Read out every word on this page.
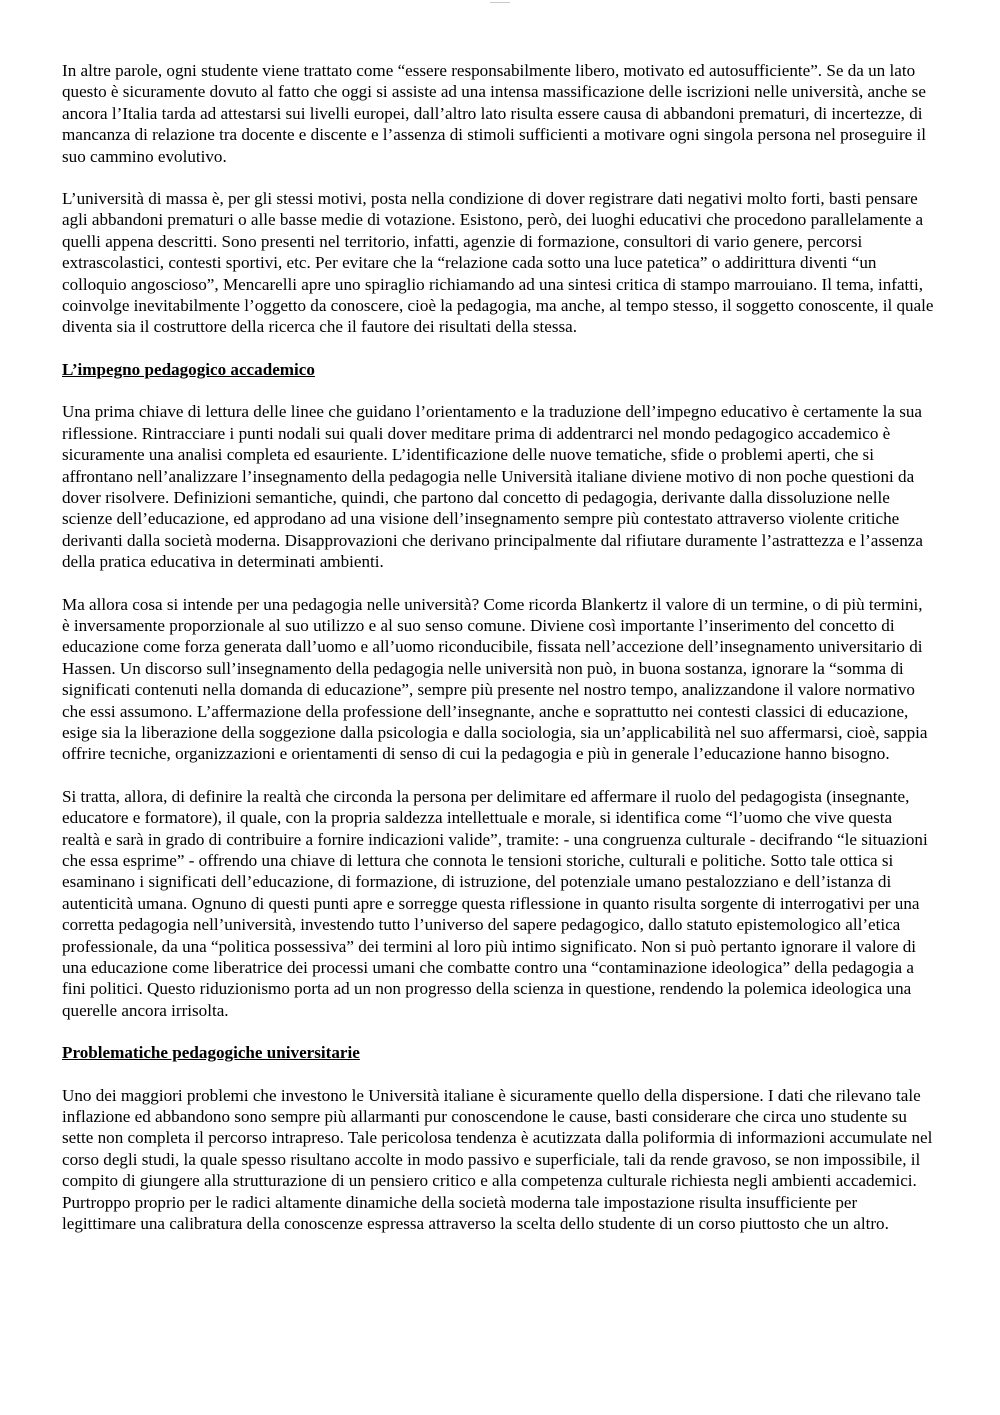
In altre parole, ogni studente viene trattato come “essere responsabilmente libero, motivato ed autosufficiente”. Se da un lato questo è sicuramente dovuto al fatto che oggi si assiste ad una intensa massificazione delle iscrizioni nelle università, anche se ancora l’Italia tarda ad attestarsi sui livelli europei, dall’altro lato risulta essere causa di abbandoni prematuri, di incertezze, di mancanza di relazione tra docente e discente e l’assenza di stimoli sufficienti a motivare ogni singola persona nel proseguire il suo cammino evolutivo.

L’università di massa è, per gli stessi motivi, posta nella condizione di dover registrare dati negativi molto forti, basti pensare agli abbandoni prematuri o alle basse medie di votazione. Esistono, però, dei luoghi educativi che procedono parallelamente a quelli appena descritti. Sono presenti nel territorio, infatti, agenzie di formazione, consultori di vario genere, percorsi extrascolastici, contesti sportivi, etc. Per evitare che la “relazione cada sotto una luce patetica” o addirittura diventi “un colloquio angoscioso”, Mencarelli apre uno spiraglio richiamando ad una sintesi critica di stampo marrouiano. Il tema, infatti, coinvolge inevitabilmente l’oggetto da conoscere, cioè la pedagogia, ma anche, al tempo stesso, il soggetto conoscente, il quale diventa sia il costruttore della ricerca che il fautore dei risultati della stessa.

L’impegno pedagogico accademico

Una prima chiave di lettura delle linee che guidano l’orientamento e la traduzione dell’impegno educativo è certamente la sua riflessione. Rintracciare i punti nodali sui quali dover meditare prima di addentrarci nel mondo pedagogico accademico è sicuramente una analisi completa ed esauriente. L’identificazione delle nuove tematiche, sfide o problemi aperti, che si affrontano nell’analizzare l’insegnamento della pedagogia nelle Università italiane diviene motivo di non poche questioni da dover risolvere. Definizioni semantiche, quindi, che partono dal concetto di pedagogia, derivante dalla dissoluzione nelle scienze dell’educazione, ed approdano ad una visione dell’insegnamento sempre più contestato attraverso violente critiche derivanti dalla società moderna. Disapprovazioni che derivano principalmente dal rifiutare duramente l’astrattezza e l’assenza della pratica educativa in determinati ambienti.

Ma allora cosa si intende per una pedagogia nelle università? Come ricorda Blankertz il valore di un termine, o di più termini, è inversamente proporzionale al suo utilizzo e al suo senso comune. Diviene così importante l’inserimento del concetto di educazione come forza generata dall’uomo e all’uomo riconducibile, fissata nell’accezione dell’insegnamento universitario di Hassen. Un discorso sull’insegnamento della pedagogia nelle università non può, in buona sostanza, ignorare la “somma di significati contenuti nella domanda di educazione”, sempre più presente nel nostro tempo, analizzandone il valore normativo che essi assumono. L’affermazione della professione dell’insegnante, anche e soprattutto nei contesti classici di educazione, esige sia la liberazione della soggezione dalla psicologia e dalla sociologia, sia un’applicabilità nel suo affermarsi, cioè, sappia offrire tecniche, organizzazioni e orientamenti di senso di cui la pedagogia e più in generale l’educazione hanno bisogno.

Si tratta, allora, di definire la realtà che circonda la persona per delimitare ed affermare il ruolo del pedagogista (insegnante, educatore e formatore), il quale, con la propria saldezza intellettuale e morale, si identifica come “l’uomo che vive questa realtà e sarà in grado di contribuire a fornire indicazioni valide”, tramite: - una congruenza culturale - decifrando “le situazioni che essa esprime” - offrendo una chiave di lettura che connota le tensioni storiche, culturali e politiche. Sotto tale ottica si esaminano i significati dell’educazione, di formazione, di istruzione, del potenziale umano pestalozziano e dell’istanza di autenticità umana. Ognuno di questi punti apre e sorregge questa riflessione in quanto risulta sorgente di interrogativi per una corretta pedagogia nell’università, investendo tutto l’universo del sapere pedagogico, dallo statuto epistemologico all’etica professionale, da una “politica possessiva” dei termini al loro più intimo significato. Non si può pertanto ignorare il valore di una educazione come liberatrice dei processi umani che combatte contro una “contaminazione ideologica” della pedagogia a fini politici. Questo riduzionismo porta ad un non progresso della scienza in questione, rendendo la polemica ideologica una querelle ancora irrisolta.

Problematiche pedagogiche universitarie

Uno dei maggiori problemi che investono le Università italiane è sicuramente quello della dispersione. I dati che rilevano tale inflazione ed abbandono sono sempre più allarmanti pur conoscendone le cause, basti considerare che circa uno studente su sette non completa il percorso intrapreso. Tale pericolosa tendenza è acutizzata dalla poliformia di informazioni accumulate nel corso degli studi, la quale spesso risultano accolte in modo passivo e superficiale, tali da rende gravoso, se non impossibile, il compito di giungere alla strutturazione di un pensiero critico e alla competenza culturale richiesta negli ambienti accademici. Purtroppo proprio per le radici altamente dinamiche della società moderna tale impostazione risulta insufficiente per legittimare una calibratura della conoscenze espressa attraverso la scelta dello studente di un corso piuttosto che un altro.
